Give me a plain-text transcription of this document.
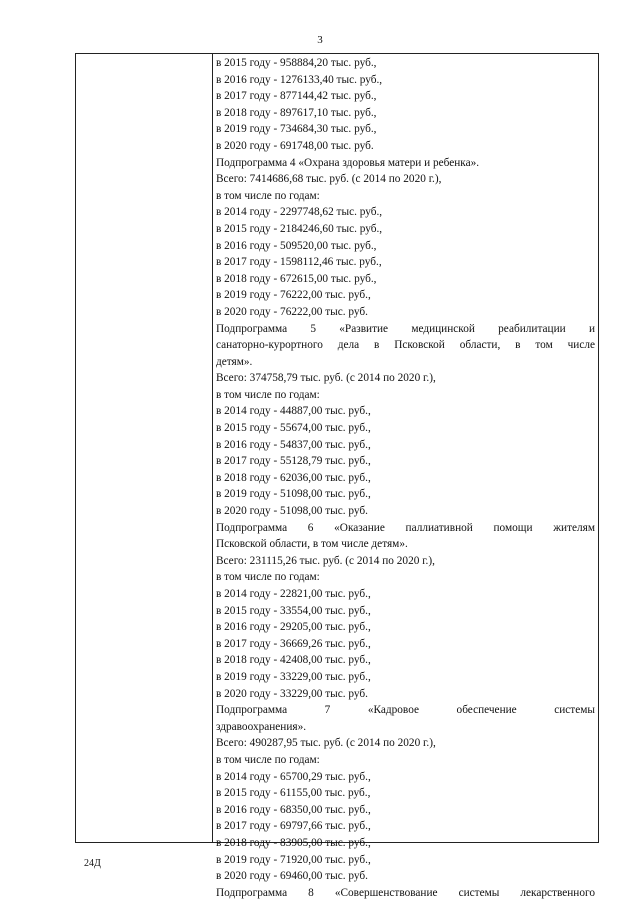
3
в 2015 году - 958884,20 тыс. руб.,
в 2016 году - 1276133,40 тыс. руб.,
в 2017 году - 877144,42 тыс. руб.,
в 2018 году - 897617,10 тыс. руб.,
в 2019 году - 734684,30 тыс. руб.,
в 2020 году - 691748,00 тыс. руб.
Подпрограмма 4 «Охрана здоровья матери и ребенка».
Всего: 7414686,68 тыс. руб. (с 2014 по 2020 г.),
в том числе по годам:
в 2014 году - 2297748,62 тыс. руб.,
в 2015 году - 2184246,60 тыс. руб.,
в 2016 году - 509520,00 тыс. руб.,
в 2017 году - 1598112,46 тыс. руб.,
в 2018 году - 672615,00 тыс. руб.,
в 2019 году - 76222,00 тыс. руб.,
в 2020 году - 76222,00 тыс. руб.
Подпрограмма 5 «Развитие медицинской реабилитации и
санаторно-курортного дела в Псковской области, в том числе
детям».
Всего: 374758,79 тыс. руб. (с 2014 по 2020 г.),
в том числе по годам:
в 2014 году - 44887,00 тыс. руб.,
в 2015 году - 55674,00 тыс. руб.,
в 2016 году - 54837,00 тыс. руб.,
в 2017 году - 55128,79 тыс. руб.,
в 2018 году - 62036,00 тыс. руб.,
в 2019 году - 51098,00 тыс. руб.,
в 2020 году - 51098,00 тыс. руб.
Подпрограмма 6 «Оказание паллиативной помощи жителям
Псковской области, в том числе детям».
Всего: 231115,26 тыс. руб. (с 2014 по 2020 г.),
в том числе по годам:
в 2014 году - 22821,00 тыс. руб.,
в 2015 году - 33554,00 тыс. руб.,
в 2016 году - 29205,00 тыс. руб.,
в 2017 году - 36669,26 тыс. руб.,
в 2018 году - 42408,00 тыс. руб.,
в 2019 году - 33229,00 тыс. руб.,
в 2020 году - 33229,00 тыс. руб.
Подпрограмма 7 «Кадровое обеспечение системы
здравоохранения».
Всего: 490287,95 тыс. руб. (с 2014 по 2020 г.),
в том числе по годам:
в 2014 году - 65700,29 тыс. руб.,
в 2015 году - 61155,00 тыс. руб.,
в 2016 году - 68350,00 тыс. руб.,
в 2017 году - 69797,66 тыс. руб.,
в 2018 году - 83905,00 тыс. руб.,
в 2019 году - 71920,00 тыс. руб.,
в 2020 году - 69460,00 тыс. руб.
Подпрограмма 8 «Совершенствование системы лекарственного
24Д
